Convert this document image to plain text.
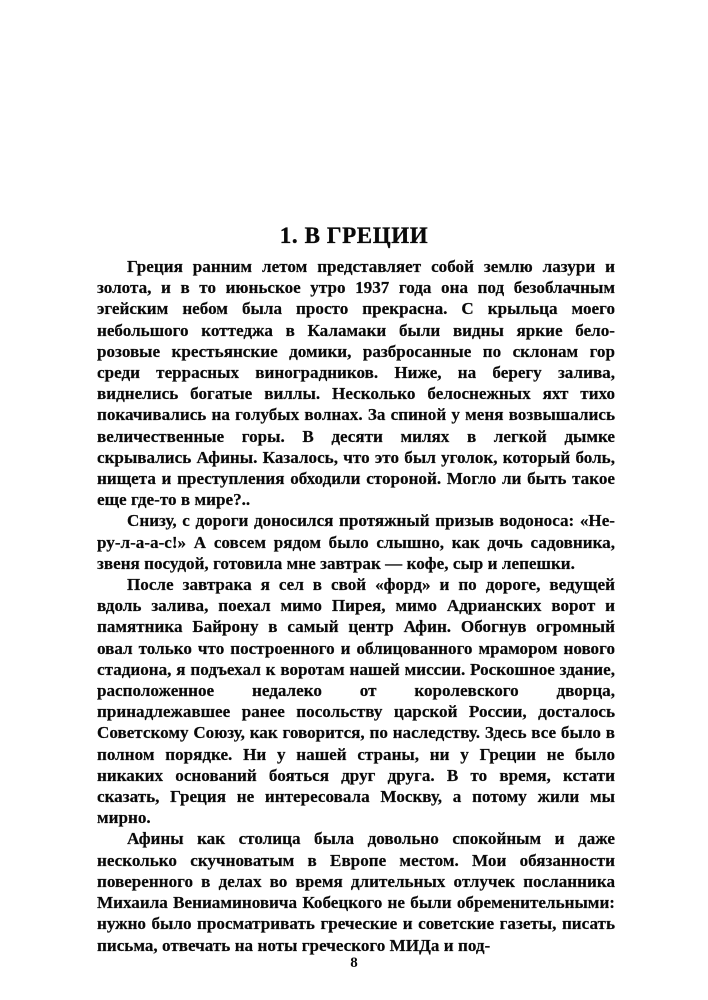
1. В ГРЕЦИИ

Греция ранним летом представляет собой землю лазури и золота, и в то июньское утро 1937 года она под безоблачным эгейским небом была просто прекрасна. С крыльца моего небольшого коттеджа в Каламаки были видны яркие бело-розовые крестьянские домики, разбросанные по склонам гор среди террасных виноградников. Ниже, на берегу залива, виднелись богатые виллы. Несколько белоснежных яхт тихо покачивались на голубых волнах. За спиной у меня возвышались величественные горы. В десяти милях в легкой дымке скрывались Афины. Казалось, что это был уголок, который боль, нищета и преступления обходили стороной. Могло ли быть такое еще где-то в мире?..

Снизу, с дороги доносился протяжный призыв водоноса: «Не-ру-л-а-а-с!» А совсем рядом было слышно, как дочь садовника, звеня посудой, готовила мне завтрак — кофе, сыр и лепешки.

После завтрака я сел в свой «форд» и по дороге, ведущей вдоль залива, поехал мимо Пирея, мимо Адрианских ворот и памятника Байрону в самый центр Афин. Обогнув огромный овал только что построенного и облицованного мрамором нового стадиона, я подъехал к воротам нашей миссии. Роскошное здание, расположенное недалеко от королевского дворца, принадлежавшее ранее посольству царской России, досталось Советскому Союзу, как говорится, по наследству. Здесь все было в полном порядке. Ни у нашей страны, ни у Греции не было никаких оснований бояться друг друга. В то время, кстати сказать, Греция не интересовала Москву, а потому жили мы мирно.

Афины как столица была довольно спокойным и даже несколько скучноватым в Европе местом. Мои обязанности поверенного в делах во время длительных отлучек посланника Михаила Вениаминовича Кобецкого не были обременительными: нужно было просматривать греческие и советские газеты, писать письма, отвечать на ноты греческого МИДа и под-

8
